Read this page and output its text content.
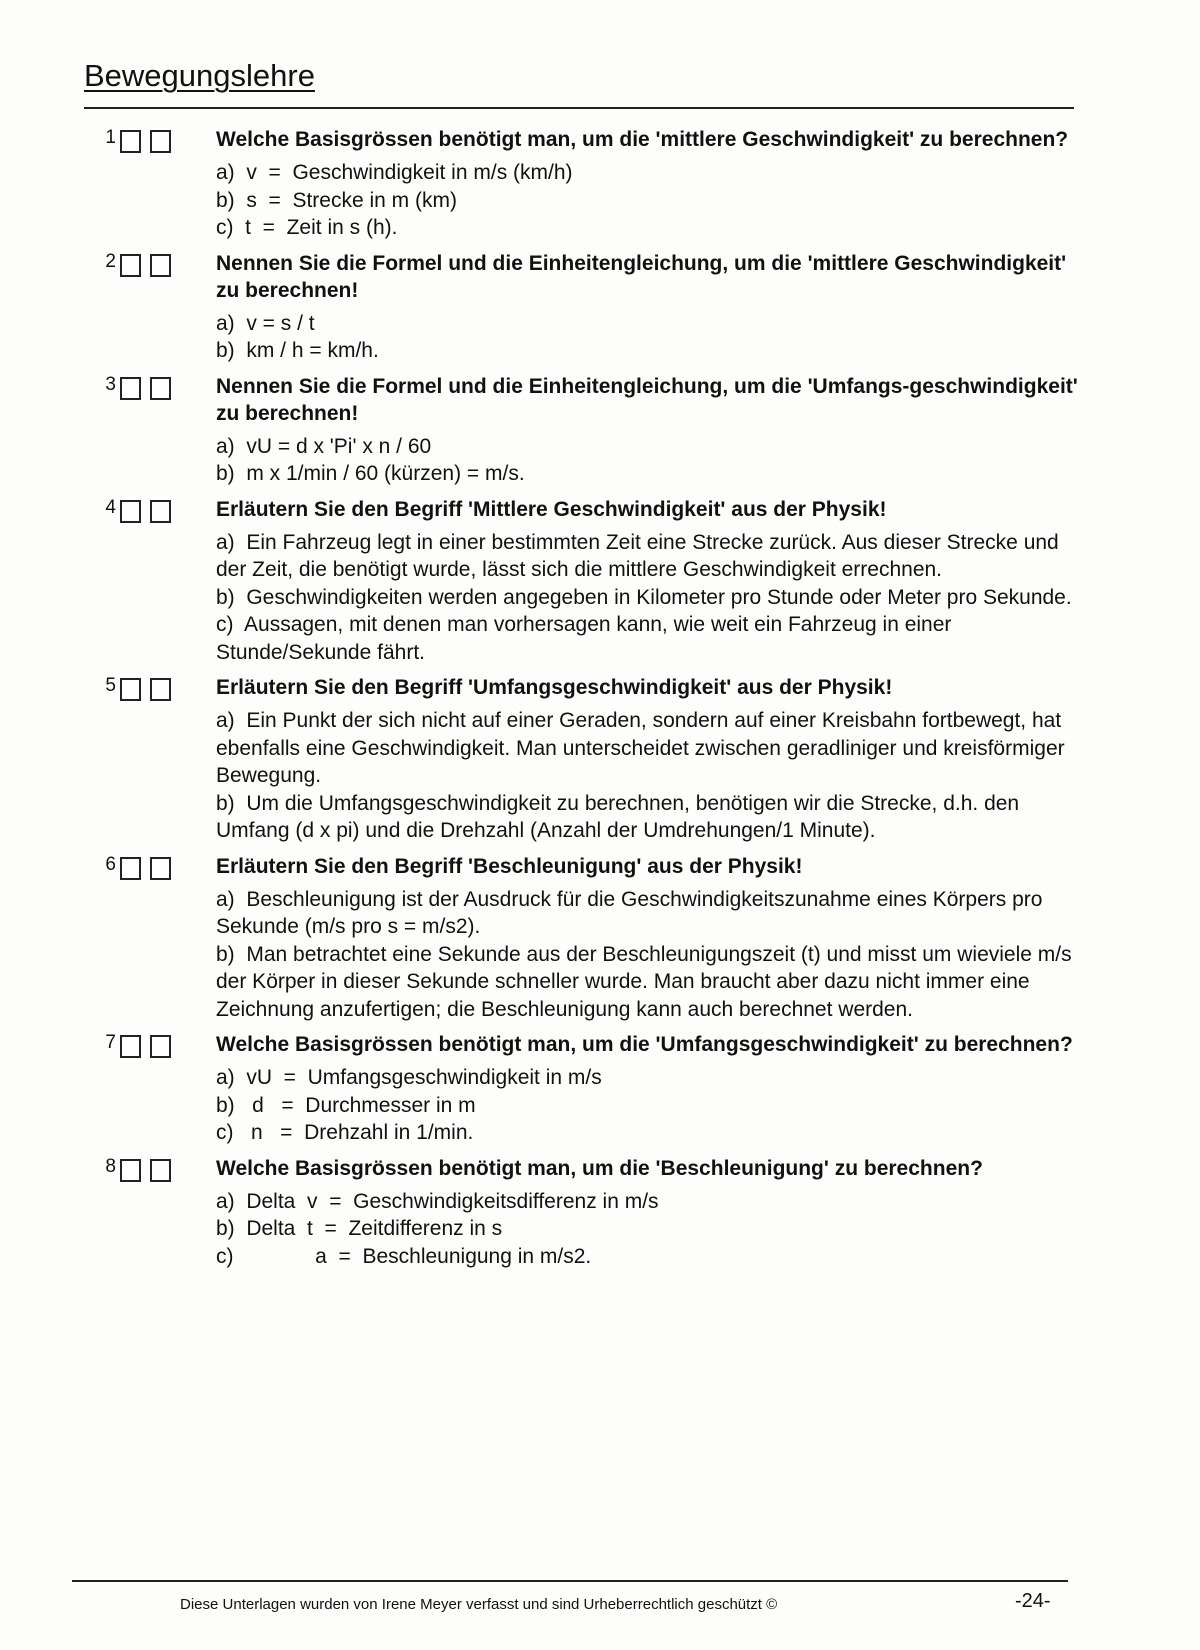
Bewegungslehre
1	Welche Basisgrössen benötigt man, um die 'mittlere Geschwindigkeit' zu berechnen?
a)  v  =  Geschwindigkeit in m/s (km/h)
b)  s  =  Strecke in m (km)
c)  t  =  Zeit in s (h).
2	Nennen Sie die Formel und die Einheitengleichung, um die 'mittlere Geschwindigkeit' zu berechnen!
a)  v = s / t
b)  km / h = km/h.
3	Nennen Sie die Formel und die Einheitengleichung, um die 'Umfangs-geschwindigkeit' zu berechnen!
a)  vU = d x 'Pi' x n / 60
b)  m x 1/min / 60 (kürzen) = m/s.
4	Erläutern Sie den Begriff 'Mittlere Geschwindigkeit' aus der Physik!
a)  Ein Fahrzeug legt in einer bestimmten Zeit eine Strecke zurück. Aus dieser Strecke und der Zeit, die benötigt wurde, lässt sich die mittlere Geschwindigkeit errechnen.
b)  Geschwindigkeiten werden angegeben in Kilometer pro Stunde oder Meter pro Sekunde.
c)  Aussagen, mit denen man vorhersagen kann, wie weit ein Fahrzeug in einer Stunde/Sekunde fährt.
5	Erläutern Sie den Begriff 'Umfangsgeschwindigkeit' aus der Physik!
a)  Ein Punkt der sich nicht auf einer Geraden, sondern auf einer Kreisbahn fortbewegt, hat ebenfalls eine Geschwindigkeit. Man unterscheidet zwischen geradliniger und kreisförmiger Bewegung.
b)  Um die Umfangsgeschwindigkeit zu berechnen, benötigen wir die Strecke, d.h. den Umfang (d x pi) und die Drehzahl (Anzahl der Umdrehungen/1 Minute).
6	Erläutern Sie den Begriff 'Beschleunigung' aus der Physik!
a)  Beschleunigung ist der Ausdruck für die Geschwindigkeitszunahme eines Körpers pro Sekunde (m/s pro s = m/s2).
b)  Man betrachtet eine Sekunde aus der Beschleunigungszeit (t) und misst um wieviele m/s der Körper in dieser Sekunde schneller wurde. Man braucht aber dazu nicht immer eine Zeichnung anzufertigen; die Beschleunigung kann auch berechnet werden.
7	Welche Basisgrössen benötigt man, um die 'Umfangsgeschwindigkeit' zu berechnen?
a)  vU  =  Umfangsgeschwindigkeit in m/s
b)   d   =  Durchmesser in m
c)   n   =  Drehzahl in 1/min.
8	Welche Basisgrössen benötigt man, um die 'Beschleunigung' zu berechnen?
a)  Delta  v  =  Geschwindigkeitsdifferenz in m/s
b)  Delta  t  =  Zeitdifferenz in s
c)              a  =  Beschleunigung in m/s2.
Diese Unterlagen wurden von Irene Meyer verfasst und sind Urheberrechtlich geschützt ©	-24-
